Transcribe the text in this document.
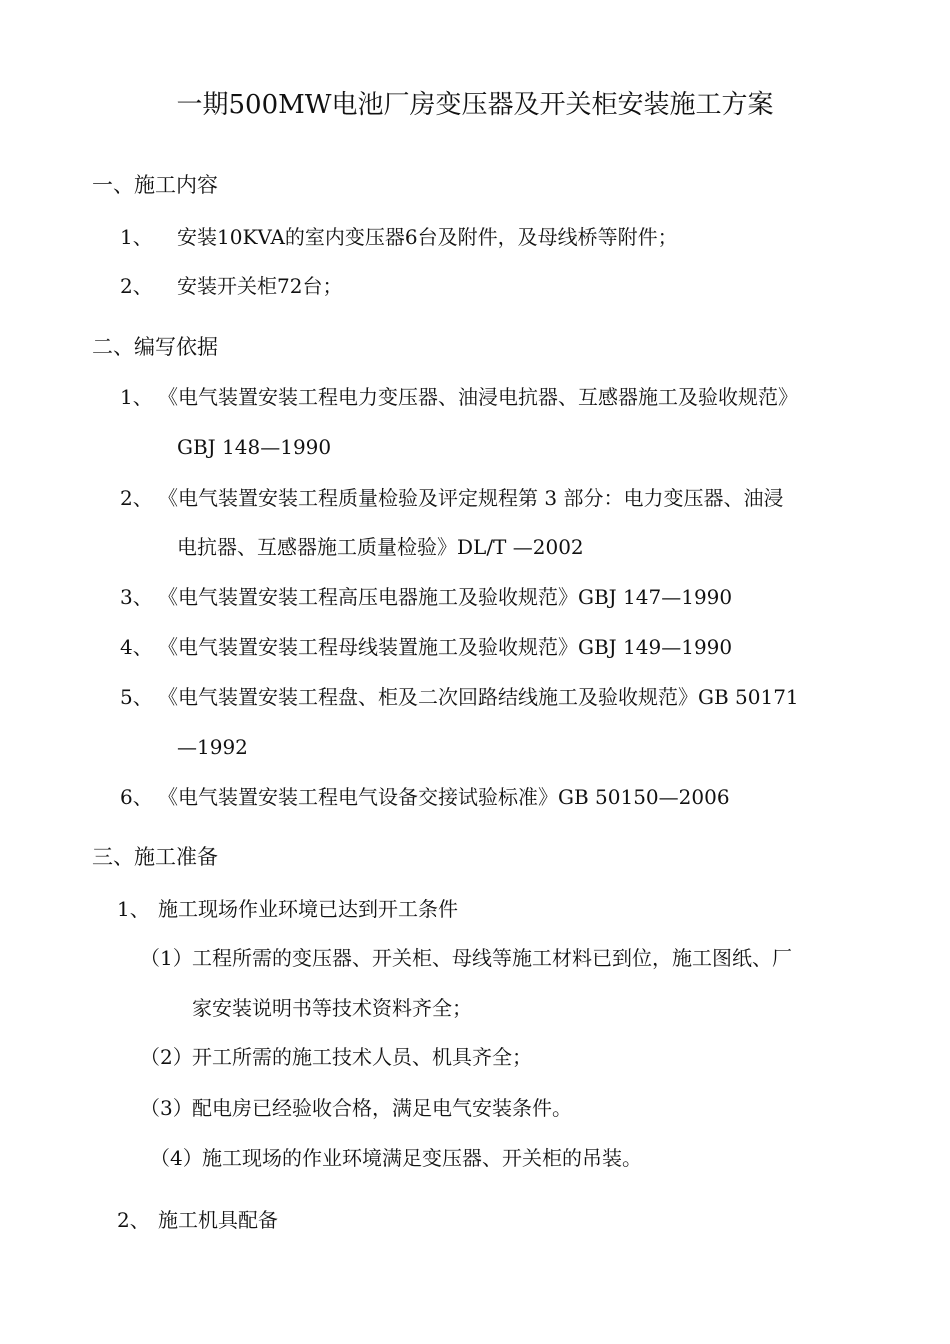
一期500MW电池厂房变压器及开关柜安装施工方案
一、施工内容
1、 安装10KVA的室内变压器6台及附件，及母线桥等附件；
2、 安装开关柜72台；
二、编写依据
1、 《电气装置安装工程电力变压器、油浸电抗器、互感器施工及验收规范》
GBJ 148—1990
2、 《电气装置安装工程质量检验及评定规程第 3 部分：电力变压器、油浸
电抗器、互感器施工质量检验》DL/T —2002
3、 《电气装置安装工程高压电器施工及验收规范》GBJ 147—1990
4、 《电气装置安装工程母线装置施工及验收规范》GBJ 149—1990
5、 《电气装置安装工程盘、柜及二次回路结线施工及验收规范》GB 50171
—1992
6、 《电气装置安装工程电气设备交接试验标准》GB 50150—2006
三、施工准备
1、 施工现场作业环境已达到开工条件
（1） 工程所需的变压器、开关柜、母线等施工材料已到位，施工图纸、厂
家安装说明书等技术资料齐全；
（2） 开工所需的施工技术人员、机具齐全；
（3） 配电房已经验收合格，满足电气安装条件。
（4） 施工现场的作业环境满足变压器、开关柜的吊装。
2、 施工机具配备
